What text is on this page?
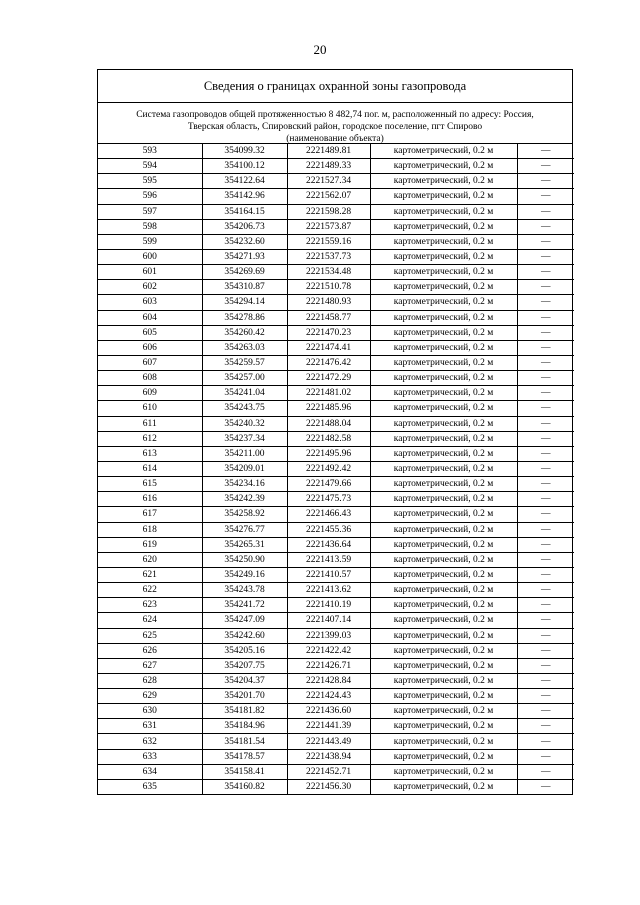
20
Сведения о границах охранной зоны газопровода
Система газопроводов общей протяженностью 8 482,74 пог. м, расположенный по адресу: Россия,
Тверская область, Спировский район, городское поселение, пгт Спирово
(наименование объекта)
593	354099.32	2221489.81	картометрический, 0.2 м	—
594	354100.12	2221489.33	картометрический, 0.2 м	—
595	354122.64	2221527.34	картометрический, 0.2 м	—
596	354142.96	2221562.07	картометрический, 0.2 м	—
597	354164.15	2221598.28	картометрический, 0.2 м	—
598	354206.73	2221573.87	картометрический, 0.2 м	—
599	354232.60	2221559.16	картометрический, 0.2 м	—
600	354271.93	2221537.73	картометрический, 0.2 м	—
601	354269.69	2221534.48	картометрический, 0.2 м	—
602	354310.87	2221510.78	картометрический, 0.2 м	—
603	354294.14	2221480.93	картометрический, 0.2 м	—
604	354278.86	2221458.77	картометрический, 0.2 м	—
605	354260.42	2221470.23	картометрический, 0.2 м	—
606	354263.03	2221474.41	картометрический, 0.2 м	—
607	354259.57	2221476.42	картометрический, 0.2 м	—
608	354257.00	2221472.29	картометрический, 0.2 м	—
609	354241.04	2221481.02	картометрический, 0.2 м	—
610	354243.75	2221485.96	картометрический, 0.2 м	—
611	354240.32	2221488.04	картометрический, 0.2 м	—
612	354237.34	2221482.58	картометрический, 0.2 м	—
613	354211.00	2221495.96	картометрический, 0.2 м	—
614	354209.01	2221492.42	картометрический, 0.2 м	—
615	354234.16	2221479.66	картометрический, 0.2 м	—
616	354242.39	2221475.73	картометрический, 0.2 м	—
617	354258.92	2221466.43	картометрический, 0.2 м	—
618	354276.77	2221455.36	картометрический, 0.2 м	—
619	354265.31	2221436.64	картометрический, 0.2 м	—
620	354250.90	2221413.59	картометрический, 0.2 м	—
621	354249.16	2221410.57	картометрический, 0.2 м	—
622	354243.78	2221413.62	картометрический, 0.2 м	—
623	354241.72	2221410.19	картометрический, 0.2 м	—
624	354247.09	2221407.14	картометрический, 0.2 м	—
625	354242.60	2221399.03	картометрический, 0.2 м	—
626	354205.16	2221422.42	картометрический, 0.2 м	—
627	354207.75	2221426.71	картометрический, 0.2 м	—
628	354204.37	2221428.84	картометрический, 0.2 м	—
629	354201.70	2221424.43	картометрический, 0.2 м	—
630	354181.82	2221436.60	картометрический, 0.2 м	—
631	354184.96	2221441.39	картометрический, 0.2 м	—
632	354181.54	2221443.49	картометрический, 0.2 м	—
633	354178.57	2221438.94	картометрический, 0.2 м	—
634	354158.41	2221452.71	картометрический, 0.2 м	—
635	354160.82	2221456.30	картометрический, 0.2 м	—
